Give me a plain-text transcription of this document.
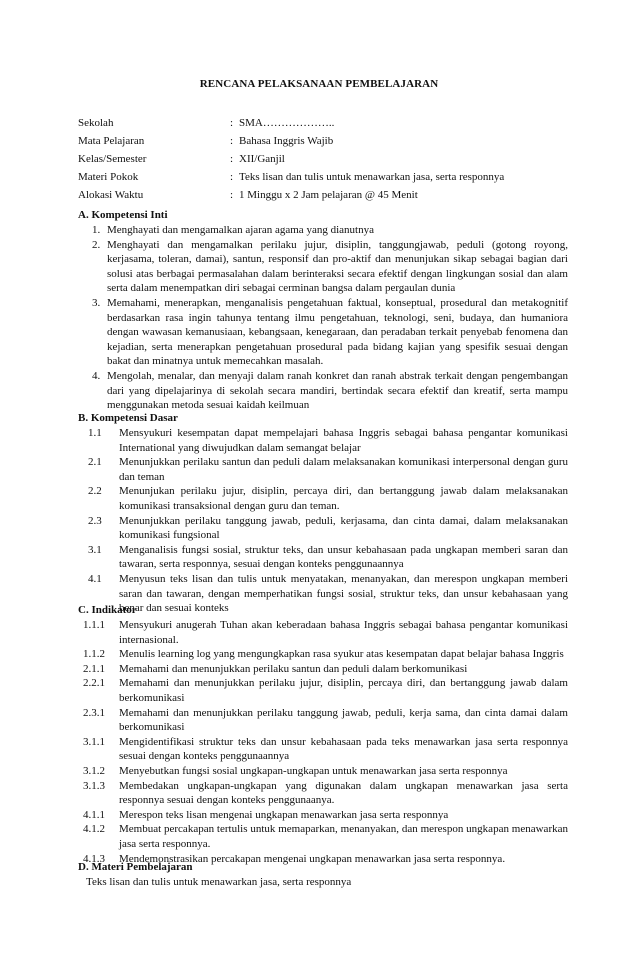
RENCANA PELAKSANAAN PEMBELAJARAN
Sekolah	: SMA………………..
Mata Pelajaran	: Bahasa Inggris Wajib
Kelas/Semester	: XII/Ganjil
Materi Pokok	: Teks lisan dan tulis untuk menawarkan jasa, serta responnya
Alokasi Waktu	: 1 Minggu x 2 Jam pelajaran @ 45 Menit
A. Kompetensi Inti
1. Menghayati dan mengamalkan ajaran agama yang dianutnya
2. Menghayati dan mengamalkan perilaku jujur, disiplin, tanggungjawab, peduli (gotong royong, kerjasama, toleran, damai), santun, responsif dan pro-aktif dan menunjukan sikap sebagai bagian dari solusi atas berbagai permasalahan dalam berinteraksi secara efektif dengan lingkungan sosial dan alam serta dalam menempatkan diri sebagai cerminan bangsa dalam pergaulan dunia
3. Memahami, menerapkan, menganalisis pengetahuan faktual, konseptual, prosedural dan metakognitif berdasarkan rasa ingin tahunya tentang ilmu pengetahuan, teknologi, seni, budaya, dan humaniora dengan wawasan kemanusiaan, kebangsaan, kenegaraan, dan peradaban terkait penyebab fenomena dan kejadian, serta menerapkan pengetahuan prosedural pada bidang kajian yang spesifik sesuai dengan bakat dan minatnya untuk memecahkan masalah.
4. Mengolah, menalar, dan menyaji dalam ranah konkret dan ranah abstrak terkait dengan pengembangan dari yang dipelajarinya di sekolah secara mandiri, bertindak secara efektif dan kreatif, serta mampu menggunakan metoda sesuai kaidah keilmuan
B. Kompetensi Dasar
1.1 Mensyukuri kesempatan dapat mempelajari bahasa Inggris sebagai bahasa pengantar komunikasi International yang diwujudkan dalam semangat belajar
2.1 Menunjukkan perilaku santun dan peduli dalam melaksanakan komunikasi interpersonal dengan guru dan teman
2.2 Menunjukan perilaku jujur, disiplin, percaya diri, dan bertanggung jawab dalam melaksanakan komunikasi transaksional dengan guru dan teman.
2.3 Menunjukkan perilaku tanggung jawab, peduli, kerjasama, dan cinta damai, dalam melaksanakan komunikasi fungsional
3.1 Menganalisis fungsi sosial, struktur teks, dan unsur kebahasaan pada ungkapan memberi saran dan tawaran, serta responnya, sesuai dengan konteks penggunaannya
4.1 Menyusun teks lisan dan tulis untuk menyatakan, menanyakan, dan merespon ungkapan memberi saran dan tawaran, dengan memperhatikan fungsi sosial, struktur teks, dan unsur kebahasaan yang benar dan sesuai konteks
C. Indikator
1.1.1 Mensyukuri anugerah Tuhan akan keberadaan bahasa Inggris sebagai bahasa pengantar komunikasi internasional.
1.1.2 Menulis learning log yang mengungkapkan rasa syukur atas kesempatan dapat belajar bahasa Inggris
2.1.1 Memahami dan menunjukkan perilaku santun dan peduli dalam berkomunikasi
2.2.1 Memahami dan menunjukkan perilaku jujur, disiplin, percaya diri, dan bertanggung jawab dalam berkomunikasi
2.3.1 Memahami dan menunjukkan perilaku tanggung jawab, peduli, kerja sama, dan cinta damai dalam berkomunikasi
3.1.1 Mengidentifikasi struktur teks dan unsur kebahasaan pada teks menawarkan jasa serta responnya sesuai dengan konteks penggunaannya
3.1.2 Menyebutkan fungsi sosial ungkapan-ungkapan untuk menawarkan jasa serta responnya
3.1.3 Membedakan ungkapan-ungkapan yang digunakan dalam ungkapan menawarkan jasa serta responnya sesuai dengan konteks penggunaanya.
4.1.1 Merespon teks lisan mengenai ungkapan menawarkan jasa serta responnya
4.1.2 Membuat percakapan tertulis untuk memaparkan, menanyakan, dan merespon ungkapan menawarkan jasa serta responnya.
4.1.3 Mendemonstrasikan percakapan mengenai ungkapan menawarkan jasa serta responnya.
D. Materi Pembelajaran
Teks lisan dan tulis untuk menawarkan jasa, serta responnya
